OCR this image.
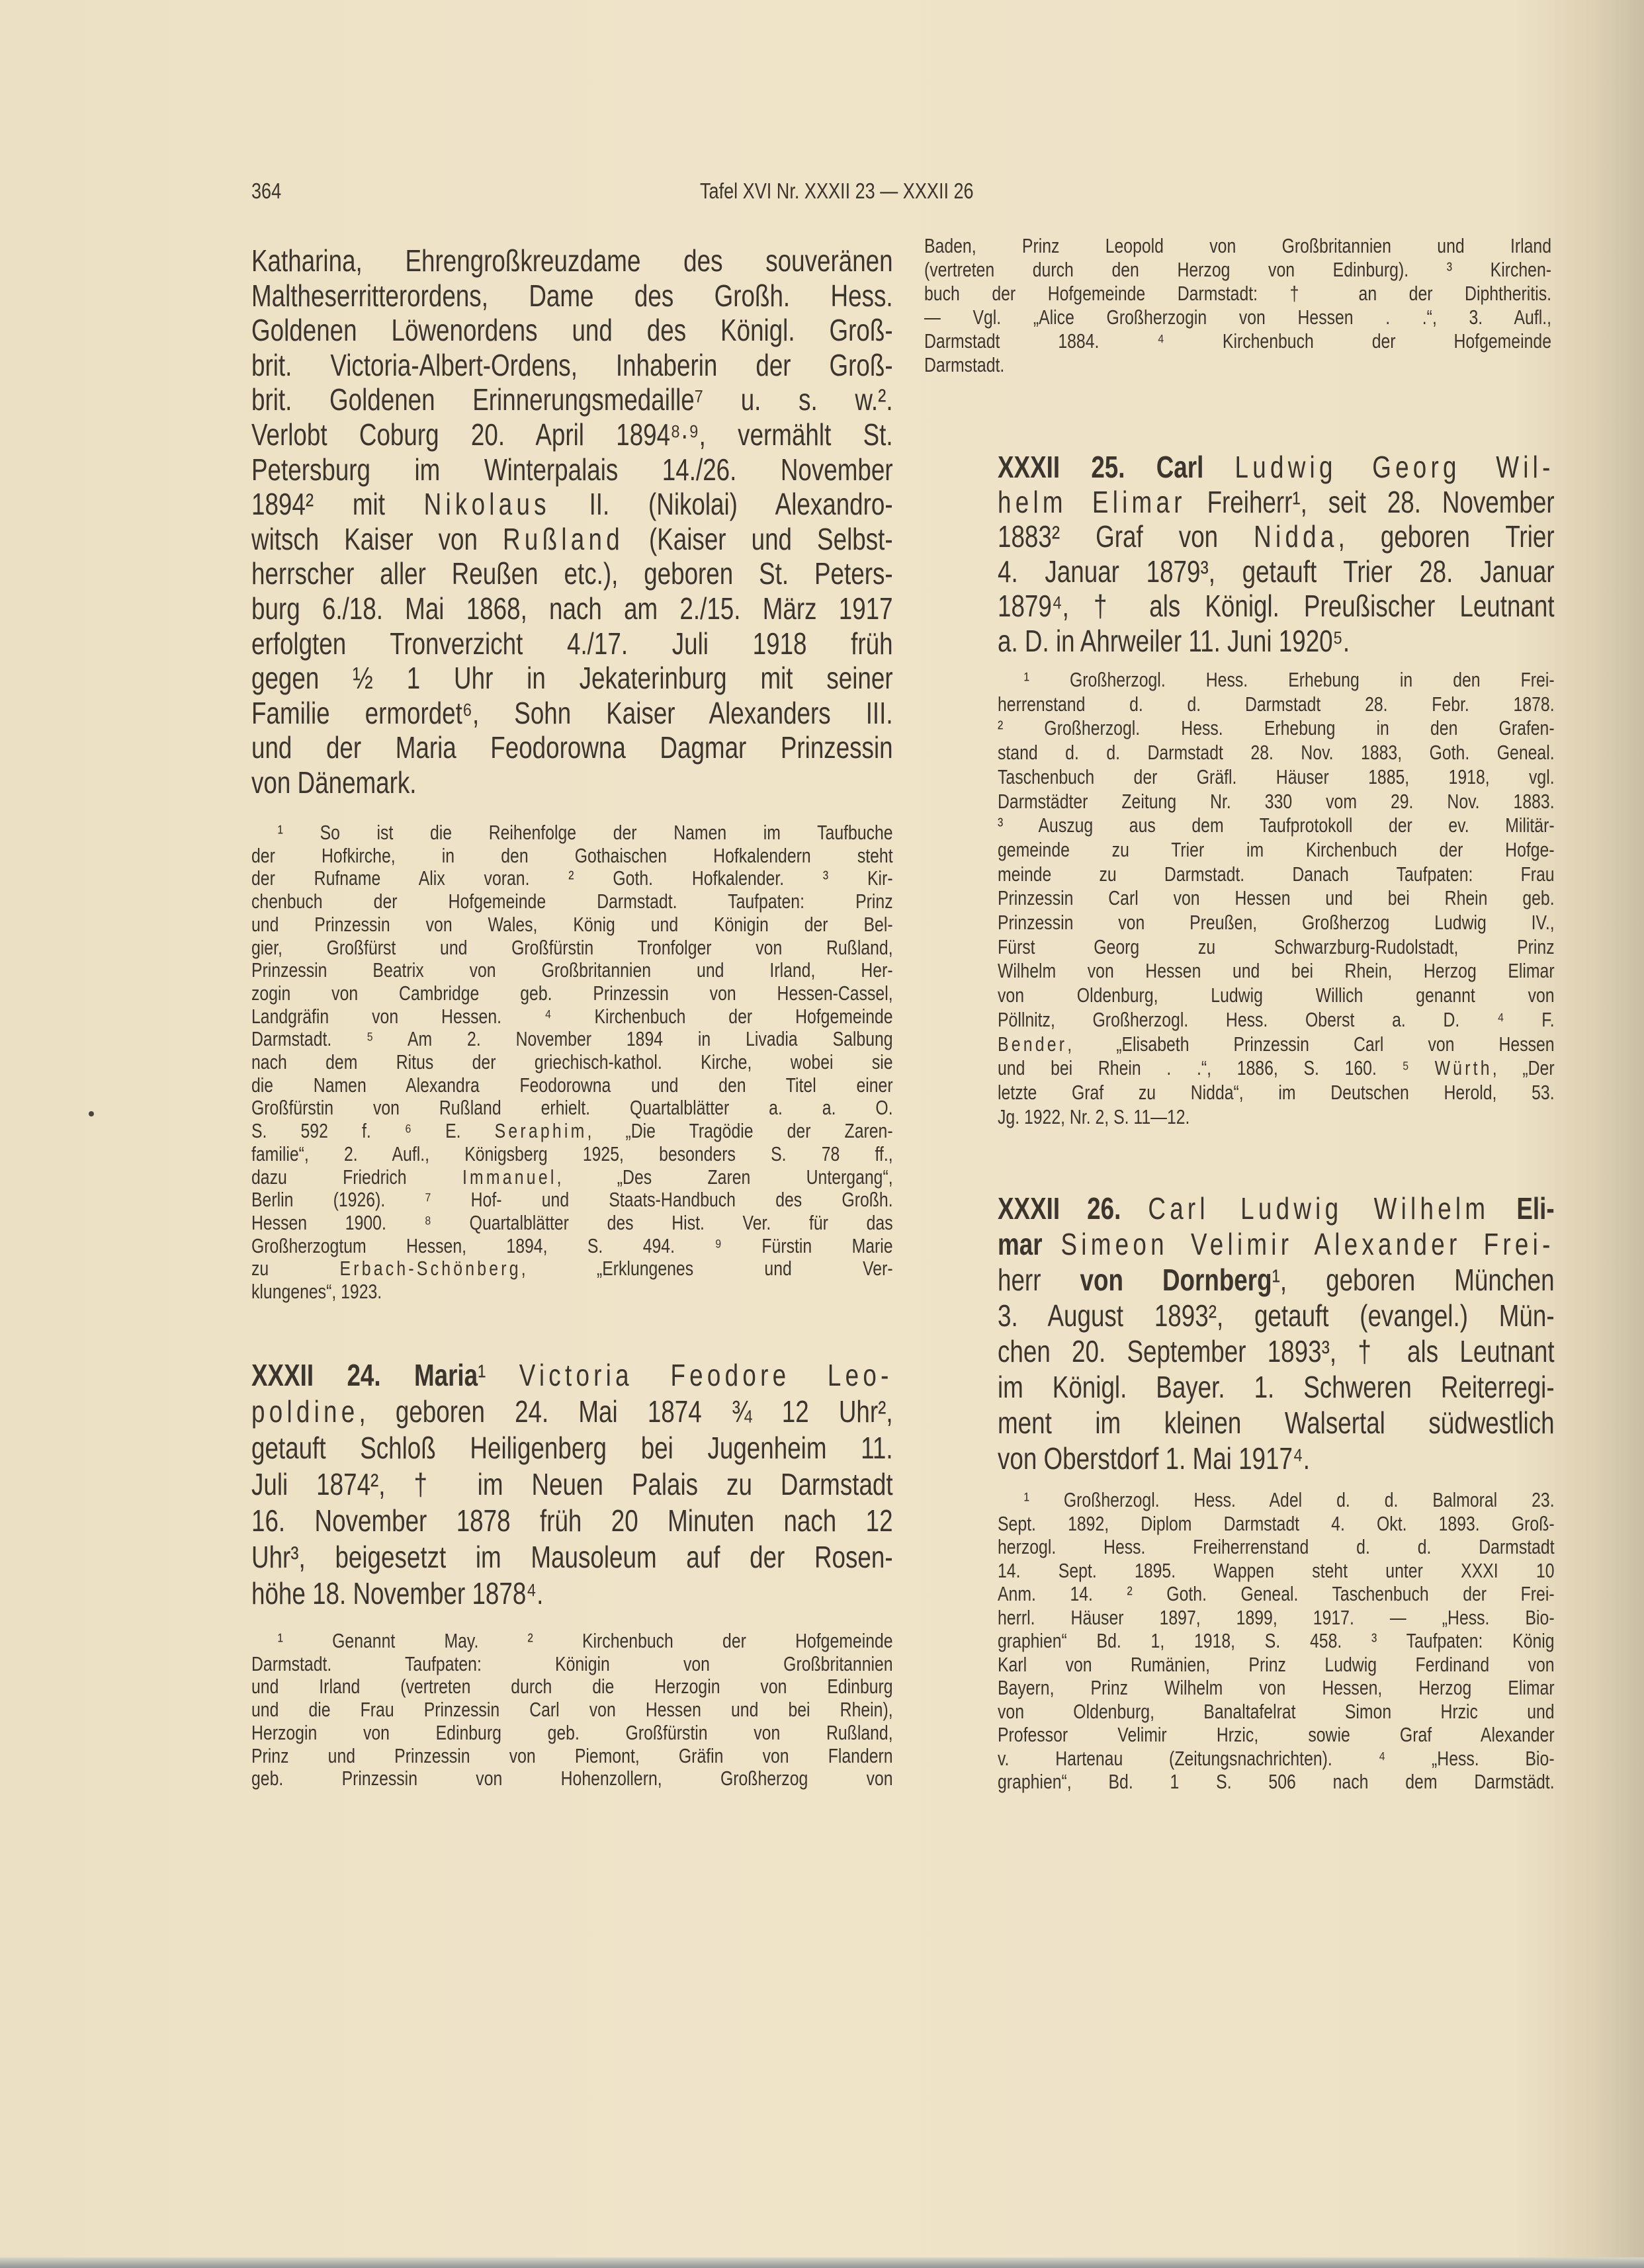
364	Tafel XVI Nr. XXXII 23 — XXXII 26
Katharina, Ehrengroßkreuzdame des souveränen
Maltheserritterordens, Dame des Großh. Hess.
Goldenen Löwenordens und des Königl. Groß-
brit. Victoria-Albert-Ordens, Inhaberin der Groß-
brit. Goldenen Erinnerungsmedaille⁷ u. s. w.².
Verlobt Coburg 20. April 1894⁸·⁹, vermählt St.
Petersburg im Winterpalais 14./26. November
1894² mit Nikolaus II. (Nikolai) Alexandro-
witsch Kaiser von Rußland (Kaiser und Selbst-
herrscher aller Reußen etc.), geboren St. Peters-
burg 6./18. Mai 1868, nach am 2./15. März 1917
erfolgten Tronverzicht 4./17. Juli 1918 früh
gegen ½ 1 Uhr in Jekaterinburg mit seiner
Familie ermordet⁶, Sohn Kaiser Alexanders III.
und der Maria Feodorowna Dagmar Prinzessin
von Dänemark.
¹ So ist die Reihenfolge der Namen im Taufbuche
der Hofkirche, in den Gothaischen Hofkalendern steht
der Rufname Alix voran. ² Goth. Hofkalender. ³ Kir-
chenbuch der Hofgemeinde Darmstadt. Taufpaten: Prinz
und Prinzessin von Wales, König und Königin der Bel-
gier, Großfürst und Großfürstin Tronfolger von Rußland,
Prinzessin Beatrix von Großbritannien und Irland, Her-
zogin von Cambridge geb. Prinzessin von Hessen-Cassel,
Landgräfin von Hessen. ⁴ Kirchenbuch der Hofgemeinde
Darmstadt. ⁵ Am 2. November 1894 in Livadia Salbung
nach dem Ritus der griechisch-kathol. Kirche, wobei sie
die Namen Alexandra Feodorowna und den Titel einer
Großfürstin von Rußland erhielt. Quartalblätter a. a. O.
S. 592 f. ⁶ E. Seraphim, „Die Tragödie der Zaren-
familie“, 2. Aufl., Königsberg 1925, besonders S. 78 ff.,
dazu Friedrich Immanuel, „Des Zaren Untergang“,
Berlin (1926). ⁷ Hof- und Staats-Handbuch des Großh.
Hessen 1900. ⁸ Quartalblätter des Hist. Ver. für das
Großherzogtum Hessen, 1894, S. 494. ⁹ Fürstin Marie
zu Erbach-Schönberg, „Erklungenes und Ver-
klungenes“, 1923.
XXXII 24. Maria¹ Victoria Feodore Leo-
poldine, geboren 24. Mai 1874 ¾ 12 Uhr²,
getauft Schloß Heiligenberg bei Jugenheim 11.
Juli 1874², † im Neuen Palais zu Darmstadt
16. November 1878 früh 20 Minuten nach 12
Uhr³, beigesetzt im Mausoleum auf der Rosen-
höhe 18. November 1878⁴.
¹ Genannt May. ² Kirchenbuch der Hofgemeinde
Darmstadt. Taufpaten: Königin von Großbritannien
und Irland (vertreten durch die Herzogin von Edinburg
und die Frau Prinzessin Carl von Hessen und bei Rhein),
Herzogin von Edinburg geb. Großfürstin von Rußland,
Prinz und Prinzessin von Piemont, Gräfin von Flandern
geb. Prinzessin von Hohenzollern, Großherzog von
Baden, Prinz Leopold von Großbritannien und Irland
(vertreten durch den Herzog von Edinburg). ³ Kirchen-
buch der Hofgemeinde Darmstadt: † an der Diphtheritis.
— Vgl. „Alice Großherzogin von Hessen . .“, 3. Aufl.,
Darmstadt 1884. ⁴ Kirchenbuch der Hofgemeinde
Darmstadt.
XXXII 25. Carl Ludwig Georg Wil-
helm Elimar Freiherr¹, seit 28. November
1883² Graf von Nidda, geboren Trier
4. Januar 1879³, getauft Trier 28. Januar
1879⁴, † als Königl. Preußischer Leutnant
a. D. in Ahrweiler 11. Juni 1920⁵.
¹ Großherzogl. Hess. Erhebung in den Frei-
herrenstand d. d. Darmstadt 28. Febr. 1878.
² Großherzogl. Hess. Erhebung in den Grafen-
stand d. d. Darmstadt 28. Nov. 1883, Goth. Geneal.
Taschenbuch der Gräfl. Häuser 1885, 1918, vgl.
Darmstädter Zeitung Nr. 330 vom 29. Nov. 1883.
³ Auszug aus dem Taufprotokoll der ev. Militär-
gemeinde zu Trier im Kirchenbuch der Hofge-
meinde zu Darmstadt. Danach Taufpaten: Frau
Prinzessin Carl von Hessen und bei Rhein geb.
Prinzessin von Preußen, Großherzog Ludwig IV.,
Fürst Georg zu Schwarzburg-Rudolstadt, Prinz
Wilhelm von Hessen und bei Rhein, Herzog Elimar
von Oldenburg, Ludwig Willich genannt von
Pöllnitz, Großherzogl. Hess. Oberst a. D. ⁴ F.
Bender, „Elisabeth Prinzessin Carl von Hessen
und bei Rhein . .“, 1886, S. 160. ⁵ Würth, „Der
letzte Graf zu Nidda“, im Deutschen Herold, 53.
Jg. 1922, Nr. 2, S. 11—12.
XXXII 26. Carl Ludwig Wilhelm Eli-
mar Simeon Velimir Alexander Frei-
herr von Dornberg¹, geboren München
3. August 1893², getauft (evangel.) Mün-
chen 20. September 1893³, † als Leutnant
im Königl. Bayer. 1. Schweren Reiterregi-
ment im kleinen Walsertal südwestlich
von Oberstdorf 1. Mai 1917⁴.
¹ Großherzogl. Hess. Adel d. d. Balmoral 23.
Sept. 1892, Diplom Darmstadt 4. Okt. 1893. Groß-
herzogl. Hess. Freiherrenstand d. d. Darmstadt
14. Sept. 1895. Wappen steht unter XXXI 10
Anm. 14. ² Goth. Geneal. Taschenbuch der Frei-
herrl. Häuser 1897, 1899, 1917. — „Hess. Bio-
graphien“ Bd. 1, 1918, S. 458. ³ Taufpaten: König
Karl von Rumänien, Prinz Ludwig Ferdinand von
Bayern, Prinz Wilhelm von Hessen, Herzog Elimar
von Oldenburg, Banaltafelrat Simon Hrzic und
Professor Velimir Hrzic, sowie Graf Alexander
v. Hartenau (Zeitungsnachrichten). ⁴ „Hess. Bio-
graphien“, Bd. 1 S. 506 nach dem Darmstädt.
